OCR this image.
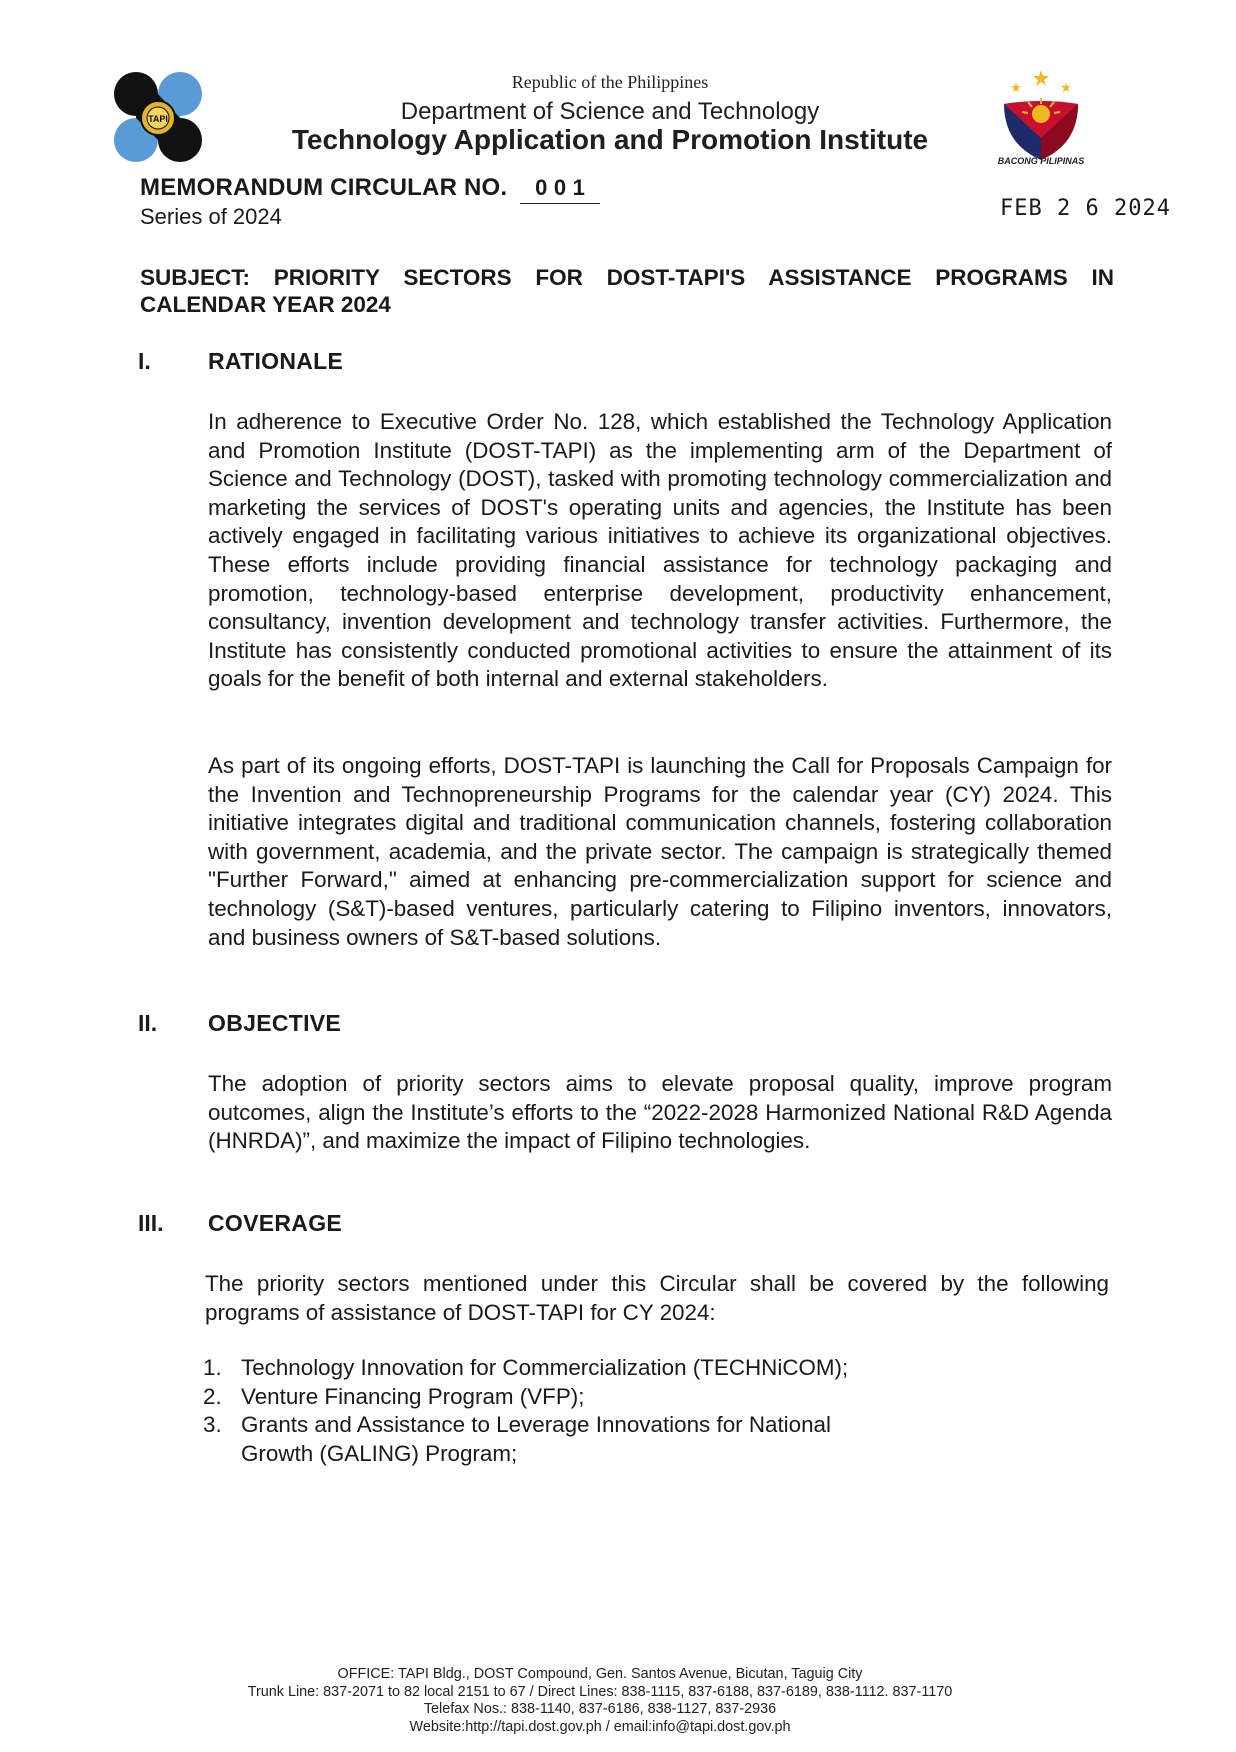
TAPI
BACONG PILIPINAS
Republic of the Philippines
Department of Science and Technology
Technology Application and Promotion Institute
MEMORANDUM CIRCULAR NO. 0 0 1
Series of 2024	FEB 2 6 2024
SUBJECT: PRIORITY SECTORS FOR DOST-TAPI'S ASSISTANCE PROGRAMS IN CALENDAR YEAR 2024
I. RATIONALE

In adherence to Executive Order No. 128, which established the Technology Application and Promotion Institute (DOST-TAPI) as the implementing arm of the Department of Science and Technology (DOST), tasked with promoting technology commercialization and marketing the services of DOST's operating units and agencies, the Institute has been actively engaged in facilitating various initiatives to achieve its organizational objectives. These efforts include providing financial assistance for technology packaging and promotion, technology-based enterprise development, productivity enhancement, consultancy, invention development and technology transfer activities. Furthermore, the Institute has consistently conducted promotional activities to ensure the attainment of its goals for the benefit of both internal and external stakeholders.

As part of its ongoing efforts, DOST-TAPI is launching the Call for Proposals Campaign for the Invention and Technopreneurship Programs for the calendar year (CY) 2024. This initiative integrates digital and traditional communication channels, fostering collaboration with government, academia, and the private sector. The campaign is strategically themed "Further Forward," aimed at enhancing pre-commercialization support for science and technology (S&T)-based ventures, particularly catering to Filipino inventors, innovators, and business owners of S&T-based solutions.

II. OBJECTIVE

The adoption of priority sectors aims to elevate proposal quality, improve program outcomes, align the Institute’s efforts to the “2022-2028 Harmonized National R&D Agenda (HNRDA)”, and maximize the impact of Filipino technologies.

III. COVERAGE

The priority sectors mentioned under this Circular shall be covered by the following programs of assistance of DOST-TAPI for CY 2024:

1. Technology Innovation for Commercialization (TECHNiCOM);
2. Venture Financing Program (VFP);
3. Grants and Assistance to Leverage Innovations for National Growth (GALING) Program;
OFFICE: TAPI Bldg., DOST Compound, Gen. Santos Avenue, Bicutan, Taguig City
Trunk Line: 837-2071 to 82 local 2151 to 67 / Direct Lines: 838-1115, 837-6188, 837-6189, 838-1112. 837-1170
Telefax Nos.: 838-1140, 837-6186, 838-1127, 837-2936
Website:http://tapi.dost.gov.ph / email:info@tapi.dost.gov.ph
